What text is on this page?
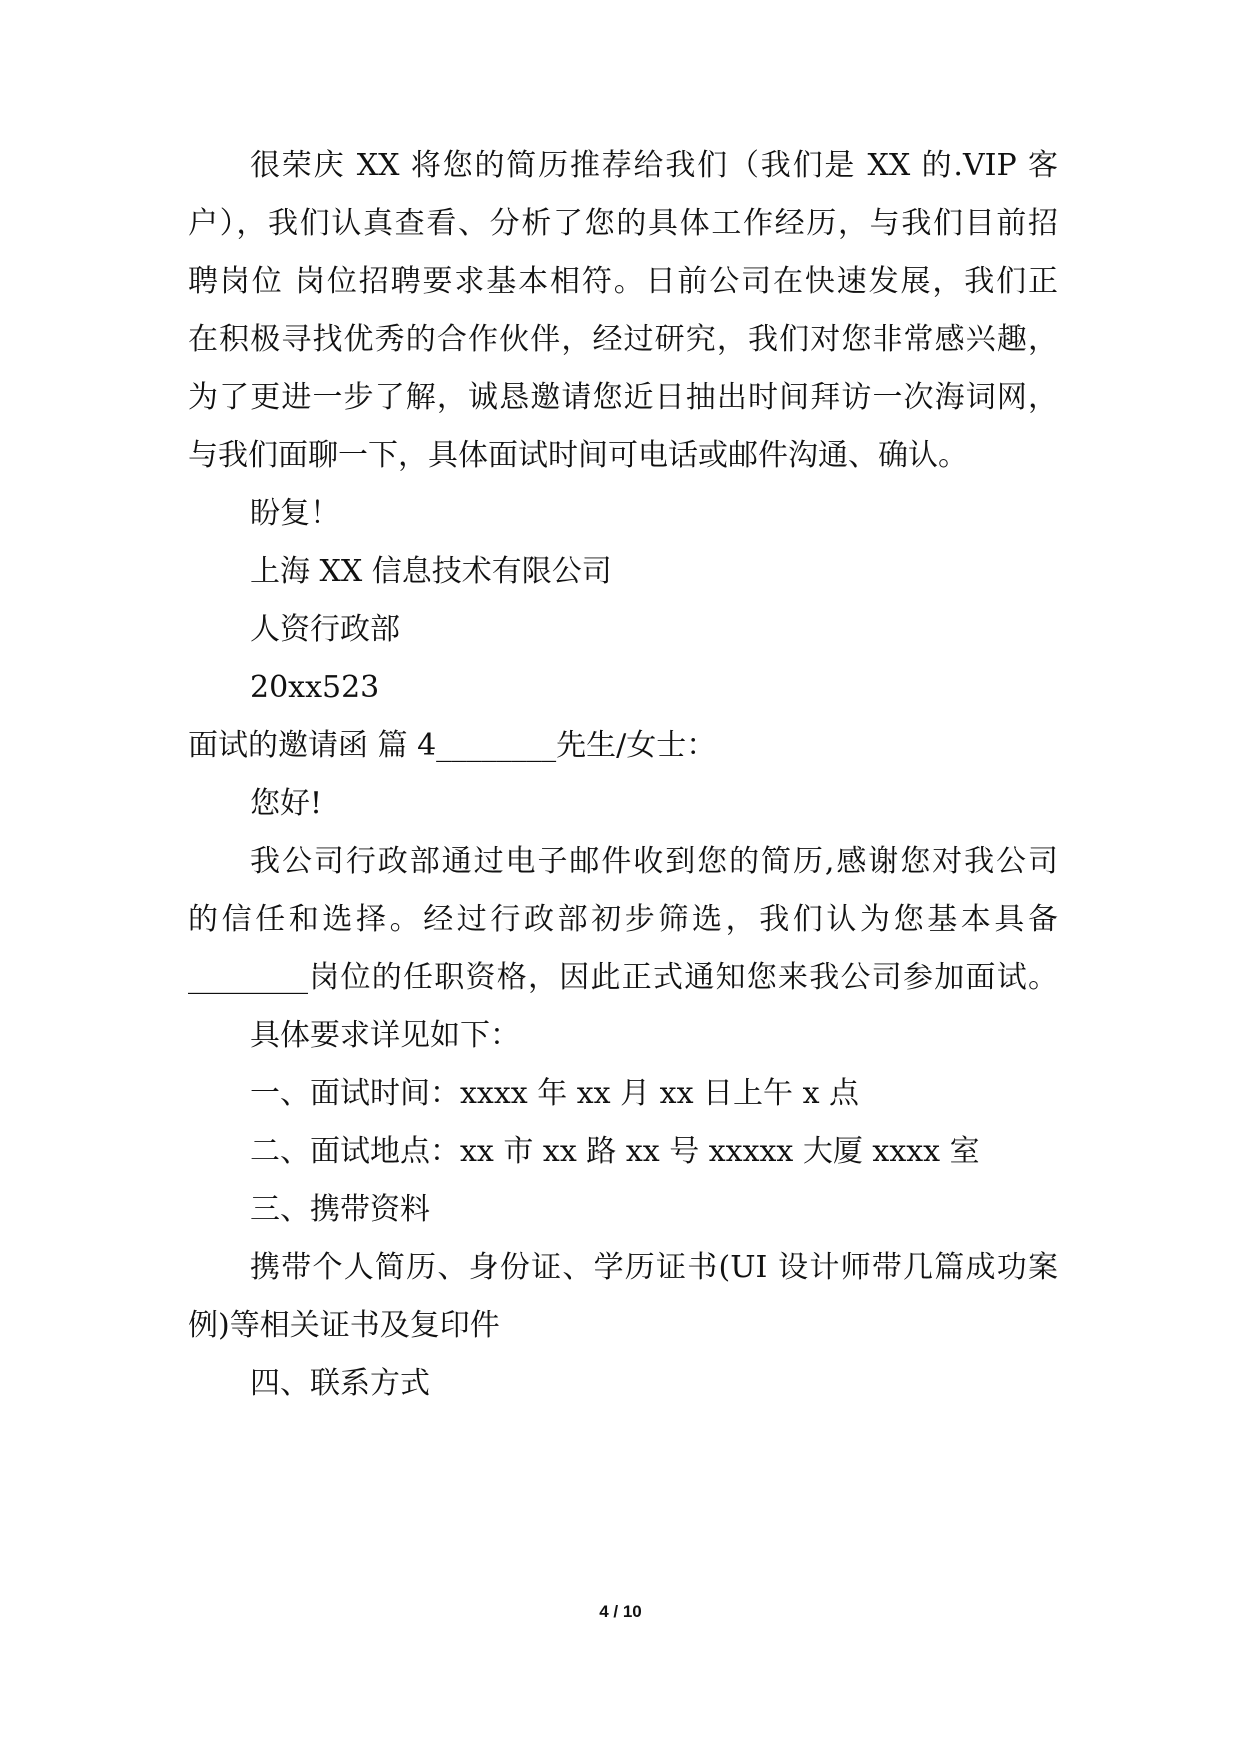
很荣庆 XX 将您的简历推荐给我们（我们是 XX 的.VIP 客
户），我们认真查看、分析了您的具体工作经历，与我们目前招
聘岗位 岗位招聘要求基本相符。日前公司在快速发展，我们正
在积极寻找优秀的合作伙伴，经过研究，我们对您非常感兴趣，
为了更进一步了解，诚恳邀请您近日抽出时间拜访一次海词网，
与我们面聊一下，具体面试时间可电话或邮件沟通、确认。
盼复！
上海 XX 信息技术有限公司
人资行政部
20xx523
面试的邀请函 篇 4________先生/女士：
您好!
我公司行政部通过电子邮件收到您的简历,感谢您对我公司
的信任和选择。经过行政部初步筛选，我们认为您基本具备
________岗位的任职资格，因此正式通知您来我公司参加面试。
具体要求详见如下：
一、面试时间：xxxx 年 xx 月 xx 日上午 x 点
二、面试地点：xx 市 xx 路 xx 号 xxxxx 大厦 xxxx 室
三、携带资料
携带个人简历、身份证、学历证书(UI 设计师带几篇成功案
例)等相关证书及复印件
四、联系方式
4 / 10
